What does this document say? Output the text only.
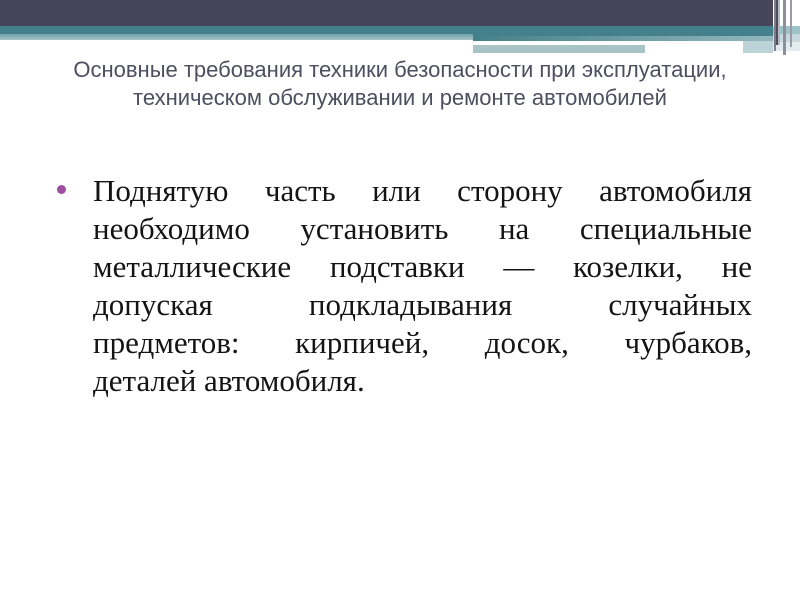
Основные требования техники безопасности при эксплуатации,
техническом обслуживании и ремонте автомобилей
Поднятую часть или сторону автомобиля
необходимо установить на специальные
металлические подставки — козелки, не
допуская подкладывания случайных
предметов: кирпичей, досок, чурбаков,
деталей автомобиля.
